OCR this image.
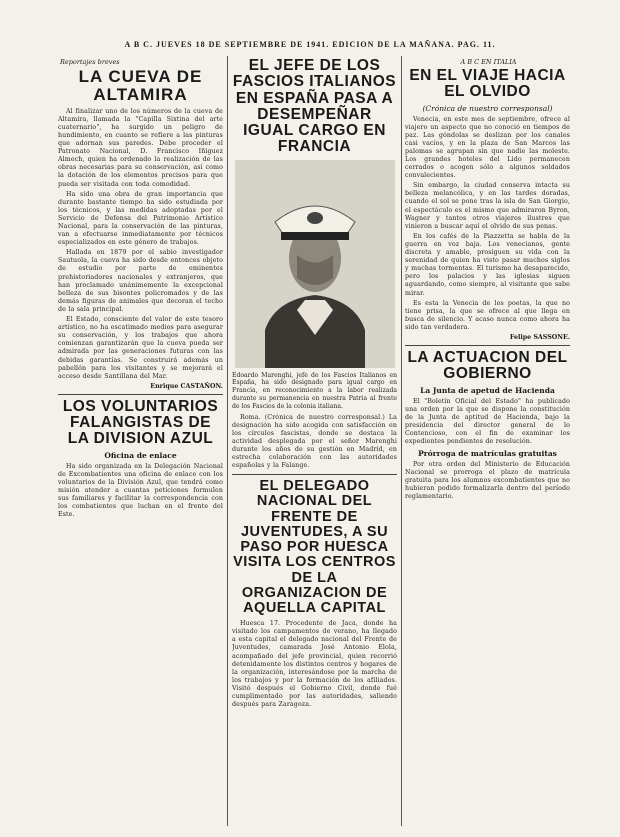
A B C. JUEVES 18 DE SEPTIEMBRE DE 1941. EDICION DE LA MAÑANA. PAG. 11.
Reportajes breves
LA CUEVA DE ALTAMIRA

Al finalizar uno de los números de la cueva de Altamira, llamada la "Capilla Sixtina del arte cuaternario", ha surgido un peligro de hundimiento, en cuanto se refiere a las pinturas que adornan sus paredes. Debe proceder el Patronato Nacional, D. Francisco Iñiguez Almech, quien ha ordenado la realización de las obras necesarias para su conservación, así como la dotación de los elementos precisos para que pueda ser visitada con toda comodidad.

Ha sido una obra de gran importancia que durante bastante tiempo ha sido estudiada por los técnicos, y las medidas adoptadas por el Servicio de Defensa del Patrimonio Artístico Nacional, para la conservación de las pinturas, van a efectuarse inmediatamente por técnicos especializados en este género de trabajos.

Hallada en 1879 por el sabio investigador Sautuola, la cueva ha sido desde entonces objeto de estudio por parte de eminentes prehistoriadores nacionales y extranjeros, que han proclamado unánimemente la excepcional belleza de sus bisontes policromados y de las demás figuras de animales que decoran el techo de la sala principal.

El Estado, consciente del valor de este tesoro artístico, no ha escatimado medios para asegurar su conservación, y los trabajos que ahora comienzan garantizarán que la cueva pueda ser admirada por las generaciones futuras con las debidas garantías. Se construirá además un pabellón para los visitantes y se mejorará el acceso desde Santillana del Mar.

Enrique CASTAÑON.
LOS VOLUNTARIOS FALANGISTAS DE LA DIVISION AZUL
Oficina de enlace

Ha sido organizada en la Delegación Nacional de Excombatientes una oficina de enlace con los voluntarios de la División Azul, que tendrá como misión atender a cuantas peticiones formulen sus familiares y facilitar la correspondencia con los combatientes que luchan en el frente del Este.

EL JEFE DE LOS FASCIOS ITALIANOS EN ESPAÑA PASA A DESEMPEÑAR IGUAL CARGO EN FRANCIA
Edoardo Marenghi, jefe de los Fascios Italianos en España, ha sido designado para igual cargo en Francia, en reconocimiento a la labor realizada durante su permanencia en nuestra Patria al frente de los Fascios de la colonia italiana.

Roma. (Crónica de nuestro corresponsal.) La designación ha sido acogida con satisfacción en los círculos fascistas, donde se destaca la actividad desplegada por el señor Marenghi durante los años de su gestión en Madrid, en estrecha colaboración con las autoridades españolas y la Falange.

EL DELEGADO NACIONAL DEL FRENTE DE JUVENTUDES, A SU PASO POR HUESCA VISITA LOS CENTROS DE LA ORGANIZACION DE AQUELLA CAPITAL

Huesca 17. Procedente de Jaca, donde ha visitado los campamentos de verano, ha llegado a esta capital el delegado nacional del Frente de Juventudes, camarada José Antonio Elola, acompañado del jefe provincial, quien recorrió detenidamente los distintos centros y hogares de la organización, interesándose por la marcha de los trabajos y por la formación de los afiliados. Visitó después el Gobierno Civil, donde fué cumplimentado por las autoridades, saliendo después para Zaragoza.

A B C EN ITALIA
EN EL VIAJE HACIA EL OLVIDO
(Crónica de nuestro corresponsal)

Venecia, en este mes de septiembre, ofrece al viajero un aspecto que no conoció en tiempos de paz. Las góndolas se deslizan por los canales casi vacíos, y en la plaza de San Marcos las palomas se agrupan sin que nadie las moleste. Los grandes hoteles del Lido permanecen cerrados o acogen sólo a algunos soldados convalecientes.

Sin embargo, la ciudad conserva intacta su belleza melancólica, y en las tardes doradas, cuando el sol se pone tras la isla de San Giorgio, el espectáculo es el mismo que admiraron Byron, Wagner y tantos otros viajeros ilustres que vinieron a buscar aquí el olvido de sus penas.

En los cafés de la Piazzetta se habla de la guerra en voz baja. Los venecianos, gente discreta y amable, prosiguen su vida con la serenidad de quien ha visto pasar muchos siglos y muchas tormentas. El turismo ha desaparecido, pero los palacios y las iglesias siguen aguardando, como siempre, al visitante que sabe mirar.

Es esta la Venecia de los poetas, la que no tiene prisa, la que se ofrece al que llega en busca de silencio. Y acaso nunca como ahora ha sido tan verdadera.

Felipe SASSONE.
LA ACTUACION DEL GOBIERNO
La Junta de apetud de Hacienda

El "Boletín Oficial del Estado" ha publicado una orden por la que se dispone la constitución de la Junta de aptitud de Hacienda, bajo la presidencia del director general de lo Contencioso, con el fin de examinar los expedientes pendientes de resolución.

Prórroga de matrículas gratuitas

Por otra orden del Ministerio de Educación Nacional se prorroga el plazo de matrícula gratuita para los alumnos excombatientes que no hubieran podido formalizarla dentro del período reglamentario.
